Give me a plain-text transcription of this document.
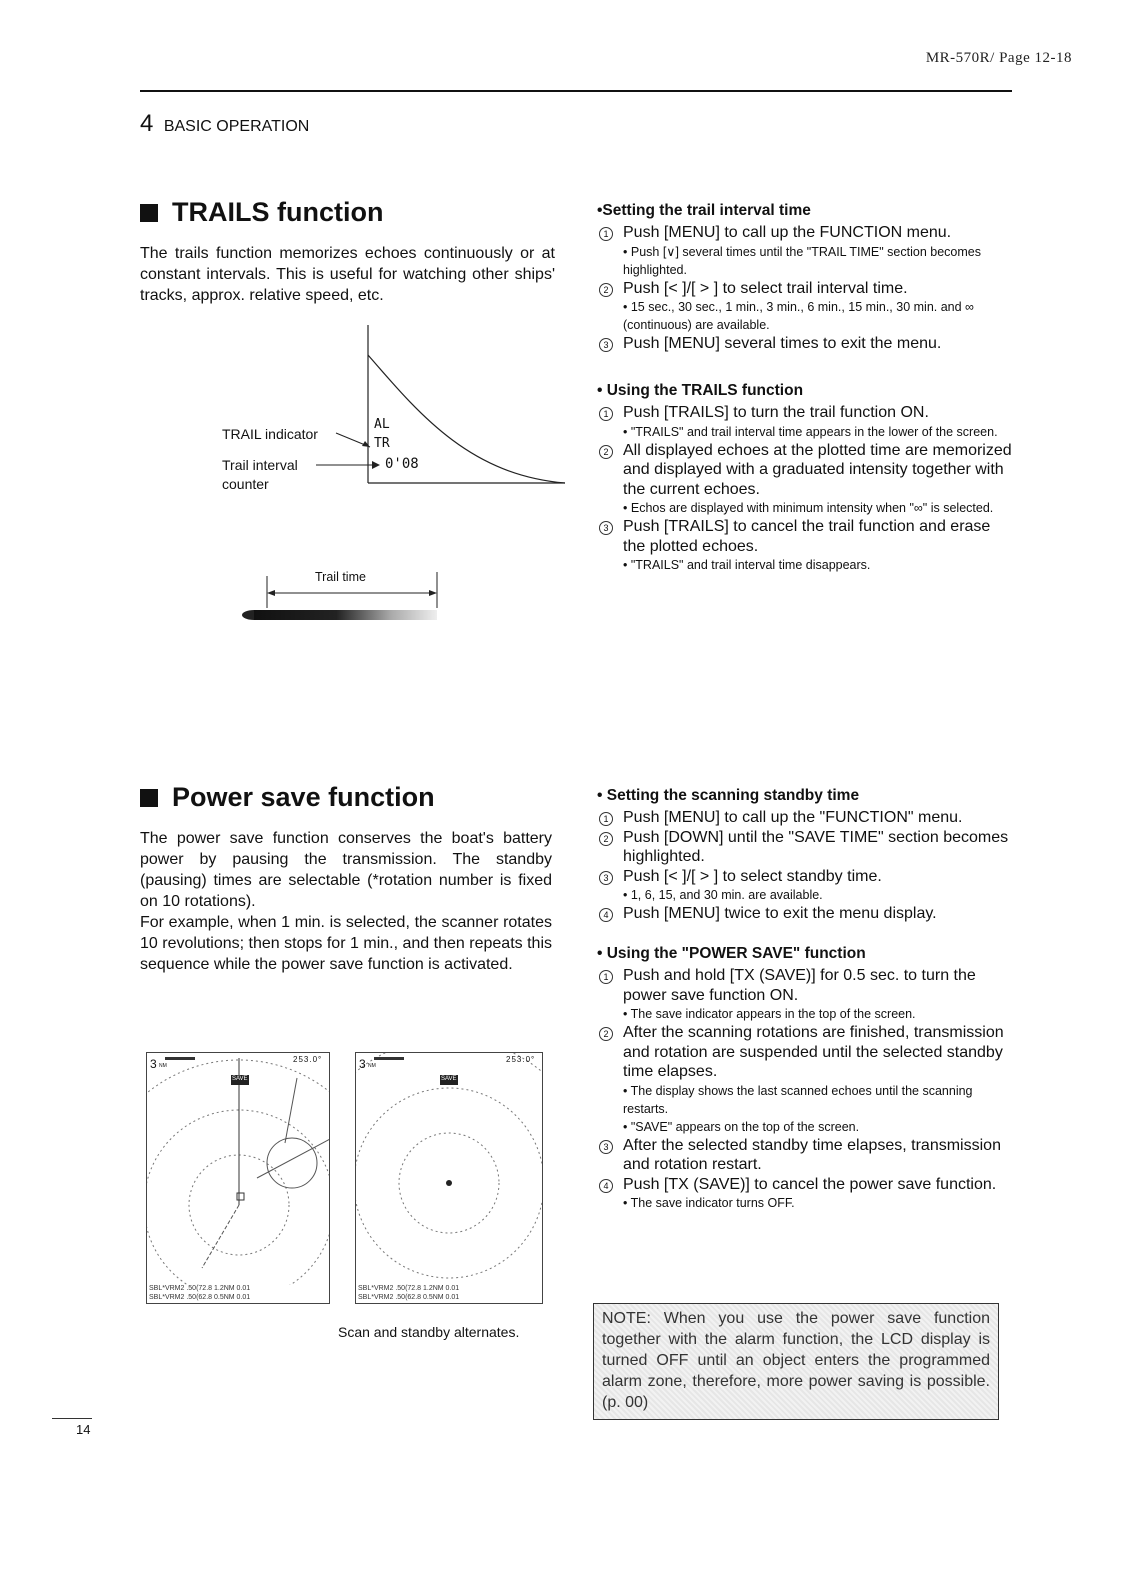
MR-570R/ Page 12-18
4 BASIC OPERATION
TRAILS function
The trails function memorizes echoes continuously or at constant intervals. This is useful for watching other ships' tracks, approx. relative speed, etc.
TRAIL indicator
Trail interval
counter
AL
TR
0'08
Trail time
•Setting the trail interval time
1 Push [MENU] to call up the FUNCTION menu.
• Push [∨] several times until the "TRAIL TIME" section becomes highlighted.
2 Push [< ]/[ > ] to select trail interval time.
• 15 sec., 30 sec., 1 min., 3 min., 6 min., 15 min., 30 min. and ∞ (continuous) are available.
3 Push [MENU] several times to exit the menu.
• Using the TRAILS function
1 Push [TRAILS] to turn the trail function ON.
• "TRAILS" and trail interval time appears in the lower of the screen.
2 All displayed echoes at the plotted time are memorized and displayed with a graduated intensity together with the current echoes.
• Echos are displayed with minimum intensity when "∞" is selected.
3 Push [TRAILS] to cancel the trail function and erase the plotted echoes.
• "TRAILS" and trail interval time disappears.
Power save function
The power save function conserves the boat's battery power by pausing the transmission. The standby (pausing) times are selectable (*rotation number is fixed on 10 rotations).
For example, when 1 min. is selected, the scanner rotates 10 revolutions; then stops for 1 min., and then repeats this sequence while the power save function is activated.
3 NM
253.0°
SAVE
SBL*VRM2 .50(72.8 1.2NM 0.01
SBL*VRM2 .50(62.8 0.5NM 0.01
3 NM
253.0°
SAVE
SBL*VRM2 .50(72.8 1.2NM 0.01
SBL*VRM2 .50(62.8 0.5NM 0.01
Scan and standby alternates.
• Setting the scanning standby time
1 Push [MENU] to call up the "FUNCTION" menu.
2 Push [DOWN] until the "SAVE TIME" section becomes highlighted.
3 Push [< ]/[ > ] to select standby time.
• 1, 6, 15, and 30 min. are available.
4 Push [MENU] twice to exit the menu display.
• Using the "POWER SAVE" function
1 Push and hold [TX (SAVE)] for 0.5 sec. to turn the power save function ON.
• The save indicator appears in the top of the screen.
2 After the scanning rotations are finished, transmission and rotation are suspended until the selected standby time elapses.
• The display shows the last scanned echoes until the scanning restarts.
• "SAVE" appears on the top of the screen.
3 After the selected standby time elapses, transmission and rotation restart.
4 Push [TX (SAVE)] to cancel the power save function.
• The save indicator turns OFF.

NOTE: When you use the power save function together with the alarm function, the LCD display is turned OFF until an object enters the programmed alarm zone, therefore, more power saving is possible. (p. 00)

14
